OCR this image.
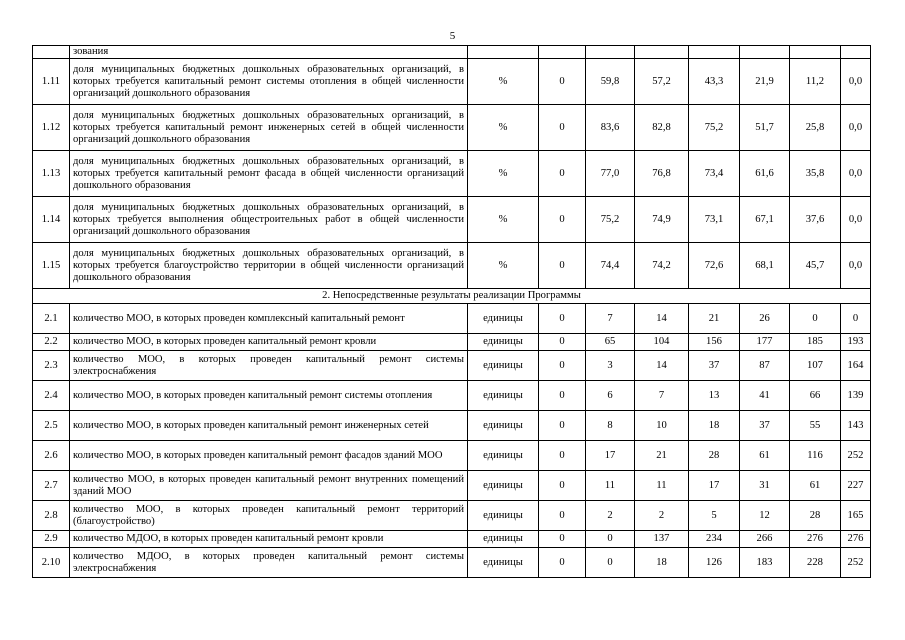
5
	зования								
1.11	доля муниципальных бюджетных дошкольных образовательных организаций, в которых требуется капитальный ремонт системы отопления в общей численности организаций дошкольного образования	%	0	59,8	57,2	43,3	21,9	11,2	0,0
1.12	доля муниципальных бюджетных дошкольных образовательных организаций, в которых требуется капитальный ремонт инженерных сетей в общей численности организаций дошкольного образования	%	0	83,6	82,8	75,2	51,7	25,8	0,0
1.13	доля муниципальных бюджетных дошкольных образовательных организаций, в которых требуется капитальный ремонт фасада в общей численности организаций дошкольного образования	%	0	77,0	76,8	73,4	61,6	35,8	0,0
1.14	доля муниципальных бюджетных дошкольных образовательных организаций, в которых требуется выполнения общестроительных работ в общей численности организаций дошкольного образования	%	0	75,2	74,9	73,1	67,1	37,6	0,0
1.15	доля муниципальных бюджетных дошкольных образовательных организаций, в которых требуется благоустройство территории в общей численности организаций дошкольного образования	%	0	74,4	74,2	72,6	68,1	45,7	0,0
2. Непосредственные результаты реализации Программы									
2.1	количество МОО, в которых проведен комплексный капитальный ремонт	единицы	0	7	14	21	26	0	0
2.2	количество МОО, в которых проведен капитальный ремонт кровли	единицы	0	65	104	156	177	185	193
2.3	количество МОО, в которых проведен капитальный ремонт системы электроснабжения	единицы	0	3	14	37	87	107	164
2.4	количество МОО, в которых проведен капитальный ремонт системы отопления	единицы	0	6	7	13	41	66	139
2.5	количество МОО, в которых проведен капитальный ремонт инженерных сетей	единицы	0	8	10	18	37	55	143
2.6	количество МОО, в которых проведен капитальный ремонт фасадов зданий МОО	единицы	0	17	21	28	61	116	252
2.7	количество МОО, в которых проведен капитальный ремонт внутренних помещений зданий МОО	единицы	0	11	11	17	31	61	227
2.8	количество МОО, в которых проведен капитальный ремонт территорий (благоустройство)	единицы	0	2	2	5	12	28	165
2.9	количество МДОО, в которых проведен капитальный ремонт кровли	единицы	0	0	137	234	266	276	276
2.10	количество МДОО, в которых проведен капитальный ремонт системы электроснабжения	единицы	0	0	18	126	183	228	252
